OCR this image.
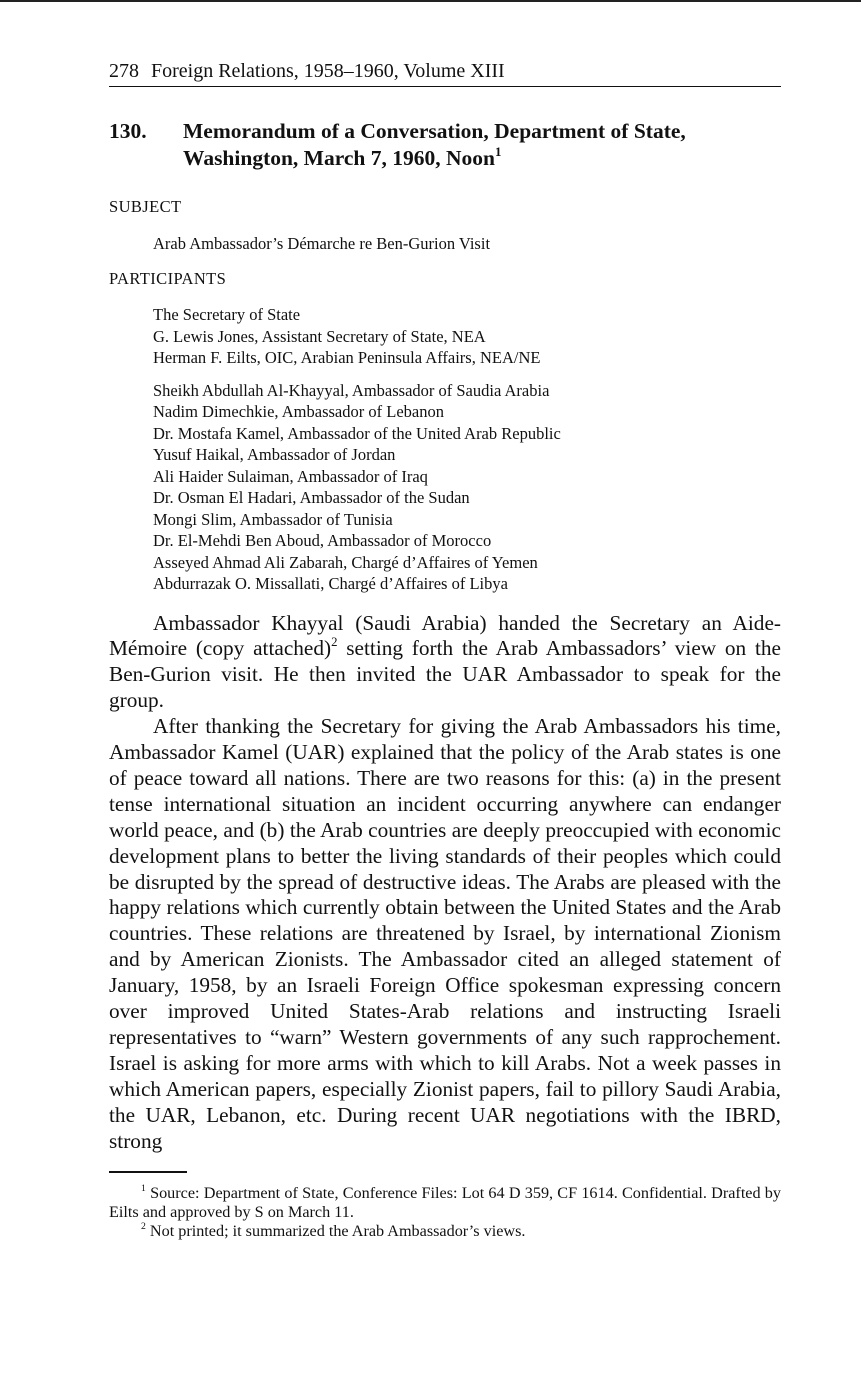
278 Foreign Relations, 1958–1960, Volume XIII
130.	Memorandum of a Conversation, Department of State,
Washington, March 7, 1960, Noon$^1$
SUBJECT
Arab Ambassador’s Démarche re Ben-Gurion Visit
PARTICIPANTS
The Secretary of State
G. Lewis Jones, Assistant Secretary of State, NEA
Herman F. Eilts, OIC, Arabian Peninsula Affairs, NEA/NE
Sheikh Abdullah Al-Khayyal, Ambassador of Saudia Arabia
Nadim Dimechkie, Ambassador of Lebanon
Dr. Mostafa Kamel, Ambassador of the United Arab Republic
Yusuf Haikal, Ambassador of Jordan
Ali Haider Sulaiman, Ambassador of Iraq
Dr. Osman El Hadari, Ambassador of the Sudan
Mongi Slim, Ambassador of Tunisia
Dr. El-Mehdi Ben Aboud, Ambassador of Morocco
Asseyed Ahmad Ali Zabarah, Chargé d’Affaires of Yemen
Abdurrazak O. Missallati, Chargé d’Affaires of Libya

Ambassador Khayyal (Saudi Arabia) handed the Secretary an Aide-Mémoire (copy attached)$^2$ setting forth the Arab Ambassadors’ view on the Ben-Gurion visit. He then invited the UAR Ambassador to speak for the group.

After thanking the Secretary for giving the Arab Ambassadors his time, Ambassador Kamel (UAR) explained that the policy of the Arab states is one of peace toward all nations. There are two reasons for this: (a) in the present tense international situation an incident occurring anywhere can endanger world peace, and (b) the Arab countries are deeply preoccupied with economic development plans to better the living standards of their peoples which could be disrupted by the spread of destructive ideas. The Arabs are pleased with the happy relations which currently obtain between the United States and the Arab countries. These relations are threatened by Israel, by international Zionism and by American Zionists. The Ambassador cited an alleged statement of January, 1958, by an Israeli Foreign Office spokesman expressing concern over improved United States-Arab relations and instructing Israeli representatives to “warn” Western governments of any such rapprochement. Israel is asking for more arms with which to kill Arabs. Not a week passes in which American papers, especially Zionist papers, fail to pillory Saudi Arabia, the UAR, Lebanon, etc. During recent UAR negotiations with the IBRD, strong

$^1$ Source: Department of State, Conference Files: Lot 64 D 359, CF 1614. Confidential. Drafted by Eilts and approved by S on March 11.

$^2$ Not printed; it summarized the Arab Ambassador’s views.
